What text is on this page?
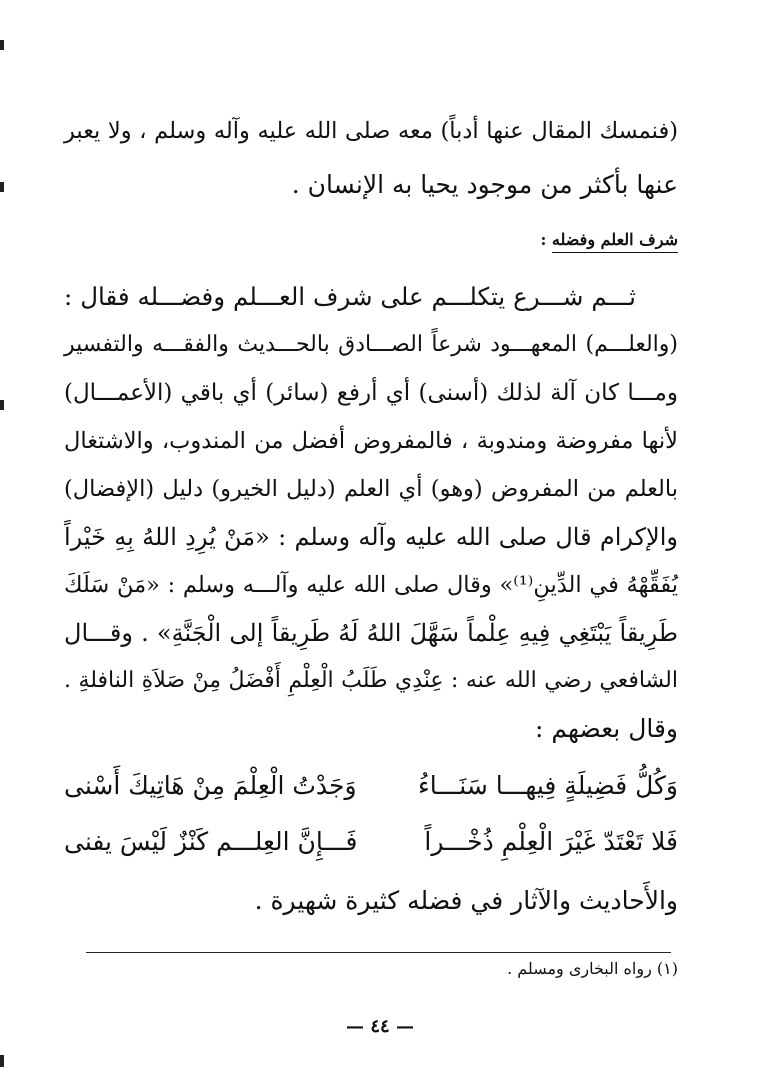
(فنمسك المقال عنها أدباً) معه صلى الله عليه وآله وسلم ، ولا يعبر
عنها بأكثر من موجود يحيا به الإنسان .
شرف العلم وفضله :
ثـــم شـــرع يتكلـــم على شرف العـــلم وفضـــله فقال :
(والعلـــم) المعهـــود شرعاً الصـــادق بالحـــديث والفقـــه والتفسير
ومـــا كان آلة لذلك (أسنى) أي أرفع (سائر) أي باقي (الأعمـــال)
لأنها مفروضة ومندوبة ، فالمفروض أفضل من المندوب، والاشتغال
بالعلم من المفروض (وهو) أي العلم (دليل الخيرو) دليل (الإفضال)
والإكرام قال صلى الله عليه وآله وسلم : «مَنْ يُرِدِ اللهُ بِهِ خَيْراً
يُفَقِّهْهُ في الدِّينِ⁽¹⁾» وقال صلى الله عليه وآلـــه وسلم : «مَنْ سَلَكَ
طَرِيقاً يَبْتَغِي فِيهِ عِلْماً سَهَّلَ اللهُ لَهُ طَرِيقاً إلى الْجَنَّةِ» . وقـــال
الشافعي رضي الله عنه : عِنْدِي طَلَبُ الْعِلْمِ أَفْضَلُ مِنْ صَلاَةِ النافلةِ .
وقال بعضهم :
وَكُلُّ فَضِيلَةٍ فِيهـــا سَنَـــاءُ
وَجَدْتُ الْعِلْمَ مِنْ هَاتِيكَ أَسْنى
فَلا تَعْتَدّ غَيْرَ الْعِلْمِ ذُخْـــراً
فَـــإِنَّ العِلـــم كَنْزٌ لَيْسَ يفنى
والأَحاديث والآثار في فضله كثيرة شهيرة .
(١) رواه البخارى ومسلم .
— ٤٤ —
